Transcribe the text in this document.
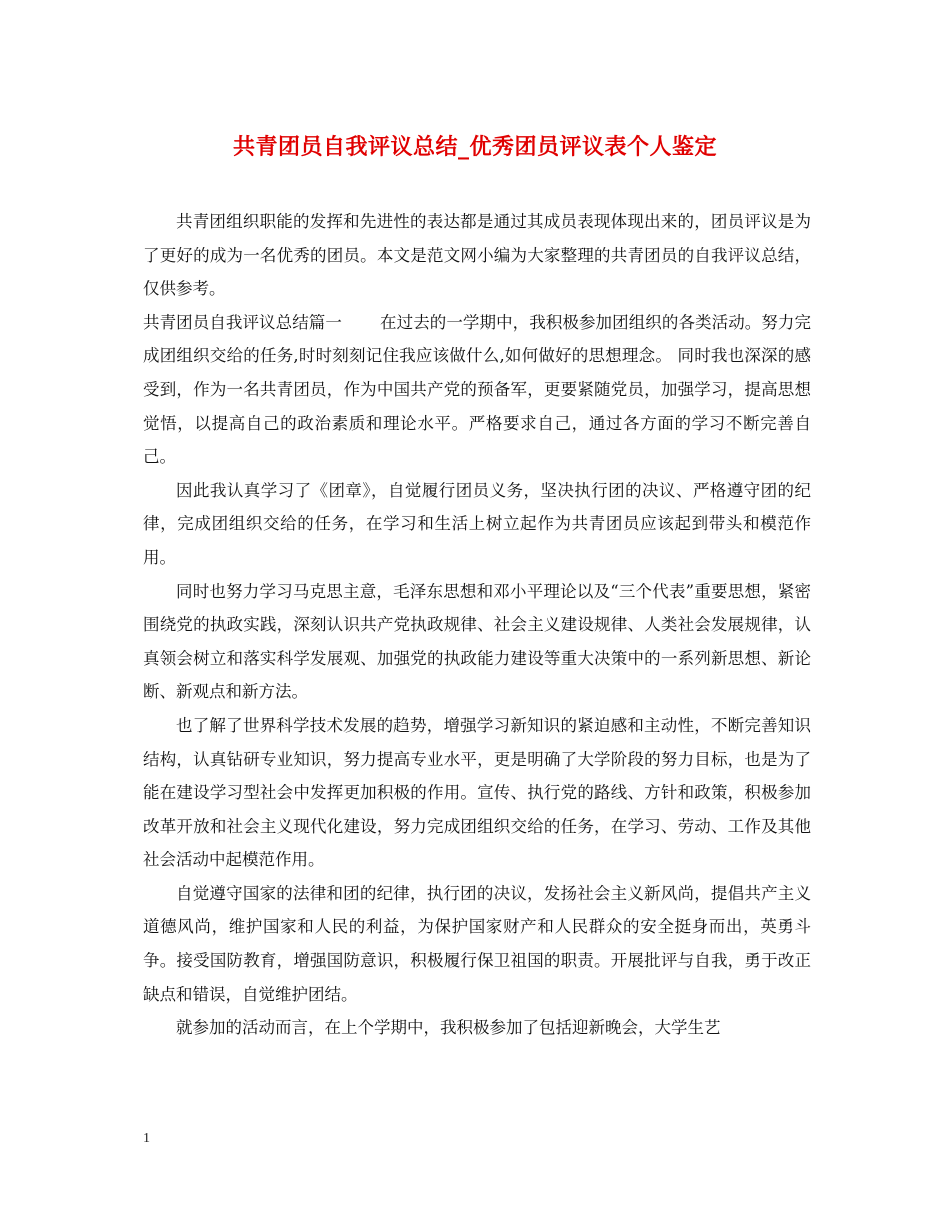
共青团员自我评议总结_优秀团员评议表个人鉴定

共青团组织职能的发挥和先进性的表达都是通过其成员表现体现出来的，团员评议是为了更好的成为一名优秀的团员。本文是范文网小编为大家整理的共青团员的自我评议总结，仅供参考。

共青团员自我评议总结篇一 在过去的一学期中，我积极参加团组织的各类活动。努力完成团组织交给的任务,时时刻刻记住我应该做什么,如何做好的思想理念。 同时我也深深的感受到，作为一名共青团员，作为中国共产党的预备军，更要紧随党员，加强学习，提高思想觉悟，以提高自己的政治素质和理论水平。严格要求自己，通过各方面的学习不断完善自己。

因此我认真学习了《团章》，自觉履行团员义务，坚决执行团的决议、严格遵守团的纪律，完成团组织交给的任务，在学习和生活上树立起作为共青团员应该起到带头和模范作用。

同时也努力学习马克思主意，毛泽东思想和邓小平理论以及“三个代表”重要思想，紧密围绕党的执政实践，深刻认识共产党执政规律、社会主义建设规律、人类社会发展规律，认真领会树立和落实科学发展观、加强党的执政能力建设等重大决策中的一系列新思想、新论断、新观点和新方法。

也了解了世界科学技术发展的趋势，增强学习新知识的紧迫感和主动性，不断完善知识结构，认真钻研专业知识，努力提高专业水平，更是明确了大学阶段的努力目标，也是为了能在建设学习型社会中发挥更加积极的作用。宣传、执行党的路线、方针和政策，积极参加改革开放和社会主义现代化建设，努力完成团组织交给的任务，在学习、劳动、工作及其他社会活动中起模范作用。

自觉遵守国家的法律和团的纪律，执行团的决议，发扬社会主义新风尚，提倡共产主义道德风尚，维护国家和人民的利益，为保护国家财产和人民群众的安全挺身而出，英勇斗争。接受国防教育，增强国防意识，积极履行保卫祖国的职责。开展批评与自我，勇于改正缺点和错误，自觉维护团结。

就参加的活动而言，在上个学期中，我积极参加了包括迎新晚会，大学生艺

1
